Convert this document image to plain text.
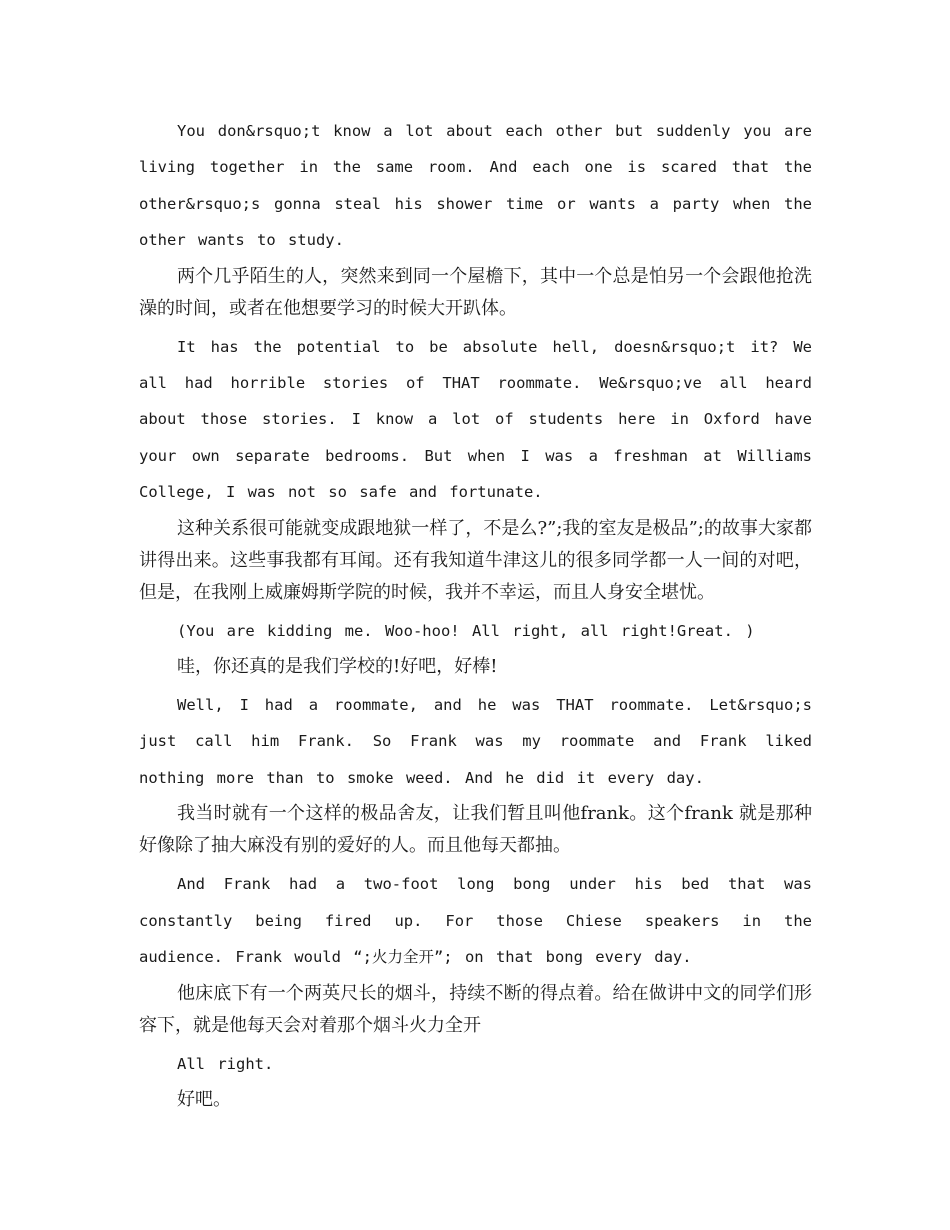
You don&rsquo;t know a lot about each other but suddenly you are living together in the same room. And each one is scared that the other&rsquo;s gonna steal his shower time or wants a party when the other wants to study.

两个几乎陌生的人，突然来到同一个屋檐下，其中一个总是怕另一个会跟他抢洗澡的时间，或者在他想要学习的时候大开趴体。

It has the potential to be absolute hell, doesn&rsquo;t it? We all had horrible stories of THAT roommate. We&rsquo;ve all heard about those stories. I know a lot of students here in Oxford have your own separate bedrooms. But when I was a freshman at Williams College, I was not so safe and fortunate.

这种关系很可能就变成跟地狱一样了，不是么?”;我的室友是极品”;的故事大家都讲得出来。这些事我都有耳闻。还有我知道牛津这儿的很多同学都一人一间的对吧，但是，在我刚上威廉姆斯学院的时候，我并不幸运，而且人身安全堪忧。

(You are kidding me. Woo-hoo! All right, all right!Great. )

哇，你还真的是我们学校的!好吧，好棒!

Well, I had a roommate, and he was THAT roommate. Let&rsquo;s just call him Frank. So Frank was my roommate and Frank liked nothing more than to smoke weed. And he did it every day.

我当时就有一个这样的极品舍友，让我们暂且叫他frank。这个frank 就是那种好像除了抽大麻没有别的爱好的人。而且他每天都抽。

And Frank had a two-foot long bong under his bed that was constantly being fired up. For those Chiese speakers in the audience. Frank would “;火力全开”; on that bong every day.

他床底下有一个两英尺长的烟斗，持续不断的得点着。给在做讲中文的同学们形容下，就是他每天会对着那个烟斗火力全开

All right.

好吧。
